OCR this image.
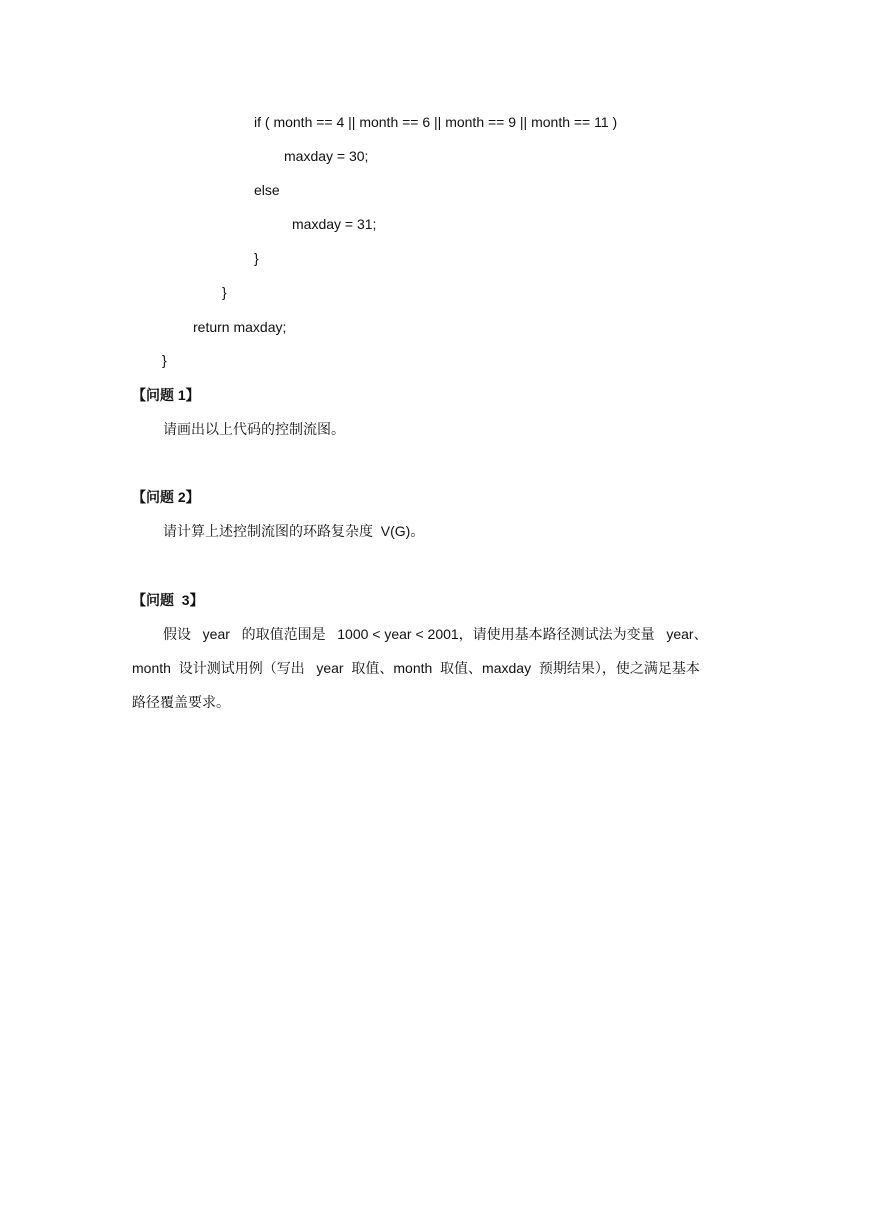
if ( month == 4 || month == 6 || month == 9 || month == 11 )
maxday = 30;
else
maxday = 31;
}
}
return maxday;
}
【问题 1】
请画出以上代码的控制流图。
【问题 2】
请计算上述控制流图的环路复杂度  V(G)。
【问题  3】
假设   year   的取值范围是   1000 < year < 2001，请使用基本路径测试法为变量   year、
month  设计测试用例（写出   year  取值、month  取值、maxday  预期结果），使之满足基本
路径覆盖要求。
